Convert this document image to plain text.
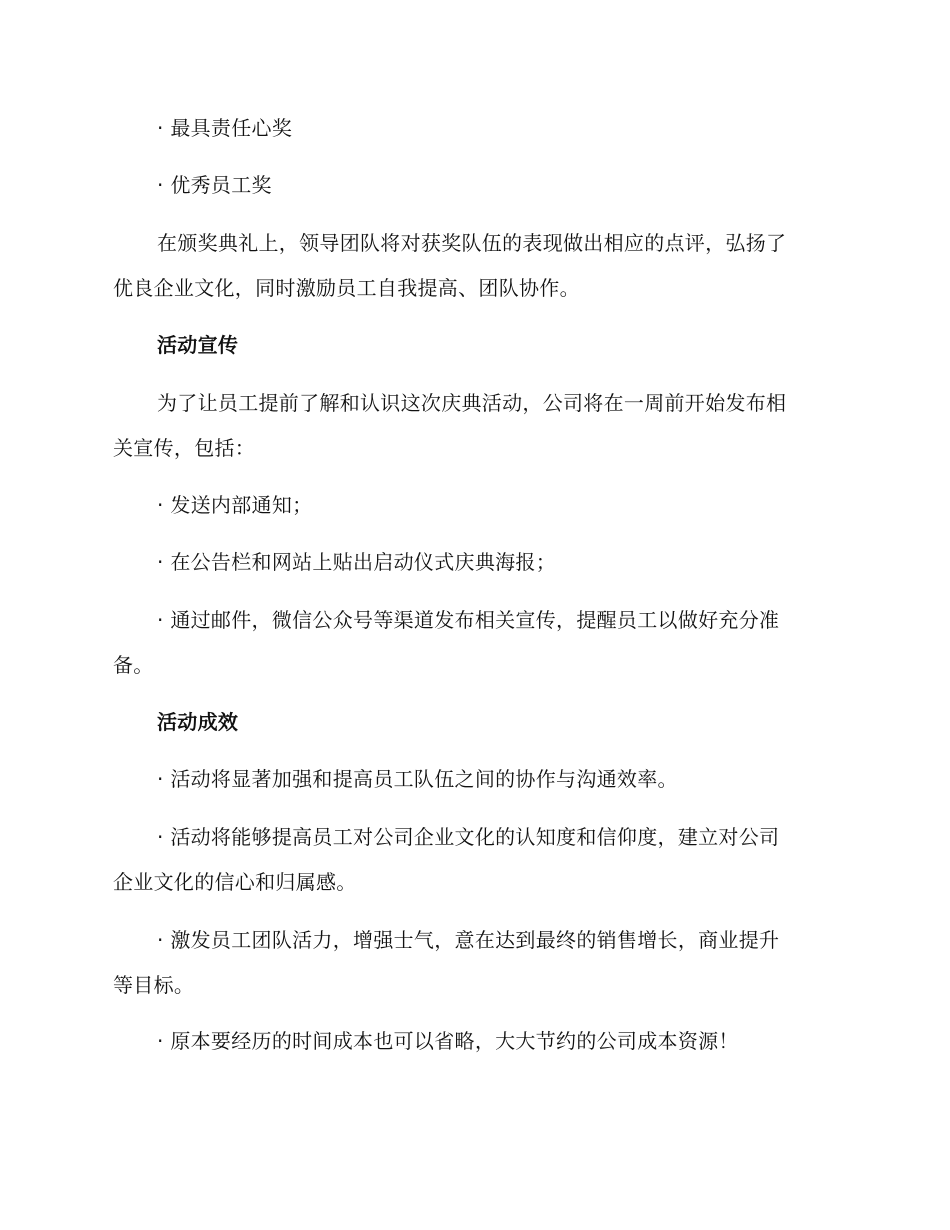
· 最具责任心奖
· 优秀员工奖
在颁奖典礼上，领导团队将对获奖队伍的表现做出相应的点评，弘扬了
优良企业文化，同时激励员工自我提高、团队协作。
活动宣传
为了让员工提前了解和认识这次庆典活动，公司将在一周前开始发布相
关宣传，包括：
· 发送内部通知；
· 在公告栏和网站上贴出启动仪式庆典海报；
· 通过邮件，微信公众号等渠道发布相关宣传，提醒员工以做好充分准
备。
活动成效
· 活动将显著加强和提高员工队伍之间的协作与沟通效率。
· 活动将能够提高员工对公司企业文化的认知度和信仰度，建立对公司
企业文化的信心和归属感。
· 激发员工团队活力，增强士气，意在达到最终的销售增长，商业提升
等目标。
· 原本要经历的时间成本也可以省略，大大节约的公司成本资源！
